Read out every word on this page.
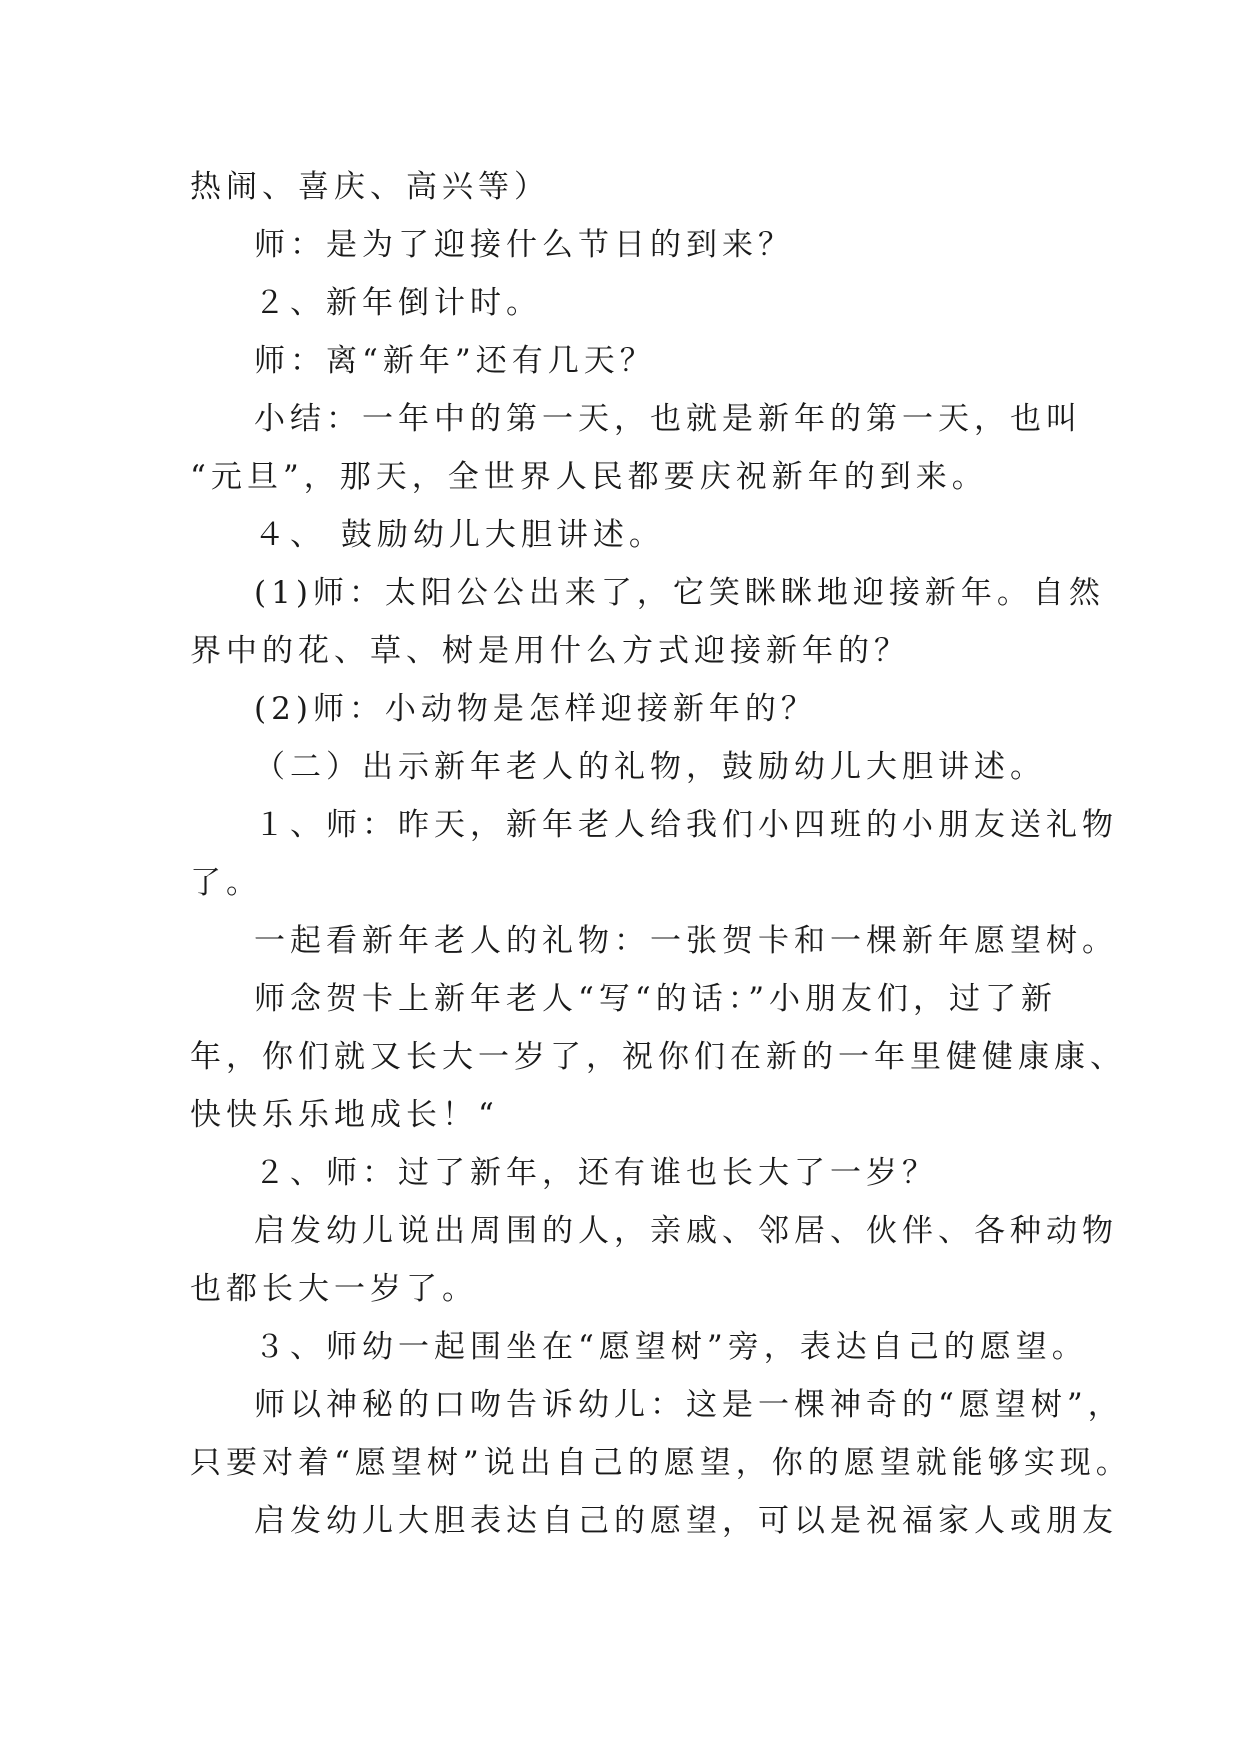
热闹、喜庆、高兴等）
师：是为了迎接什么节日的到来？
２、新年倒计时。
师：离“新年”还有几天？
小结：一年中的第一天，也就是新年的第一天，也叫
“元旦”，那天，全世界人民都要庆祝新年的到来。
４、 鼓励幼儿大胆讲述。
(1)师：太阳公公出来了，它笑眯眯地迎接新年。自然
界中的花、草、树是用什么方式迎接新年的？
(2)师：小动物是怎样迎接新年的？
（二）出示新年老人的礼物，鼓励幼儿大胆讲述。
１、师：昨天，新年老人给我们小四班的小朋友送礼物
了。
一起看新年老人的礼物：一张贺卡和一棵新年愿望树。
师念贺卡上新年老人“写“的话：”小朋友们，过了新
年，你们就又长大一岁了，祝你们在新的一年里健健康康、
快快乐乐地成长！“
２、师：过了新年，还有谁也长大了一岁？
启发幼儿说出周围的人，亲戚、邻居、伙伴、各种动物
也都长大一岁了。
３、师幼一起围坐在“愿望树”旁，表达自己的愿望。
师以神秘的口吻告诉幼儿：这是一棵神奇的“愿望树”，
只要对着“愿望树”说出自己的愿望，你的愿望就能够实现。
启发幼儿大胆表达自己的愿望，可以是祝福家人或朋友
